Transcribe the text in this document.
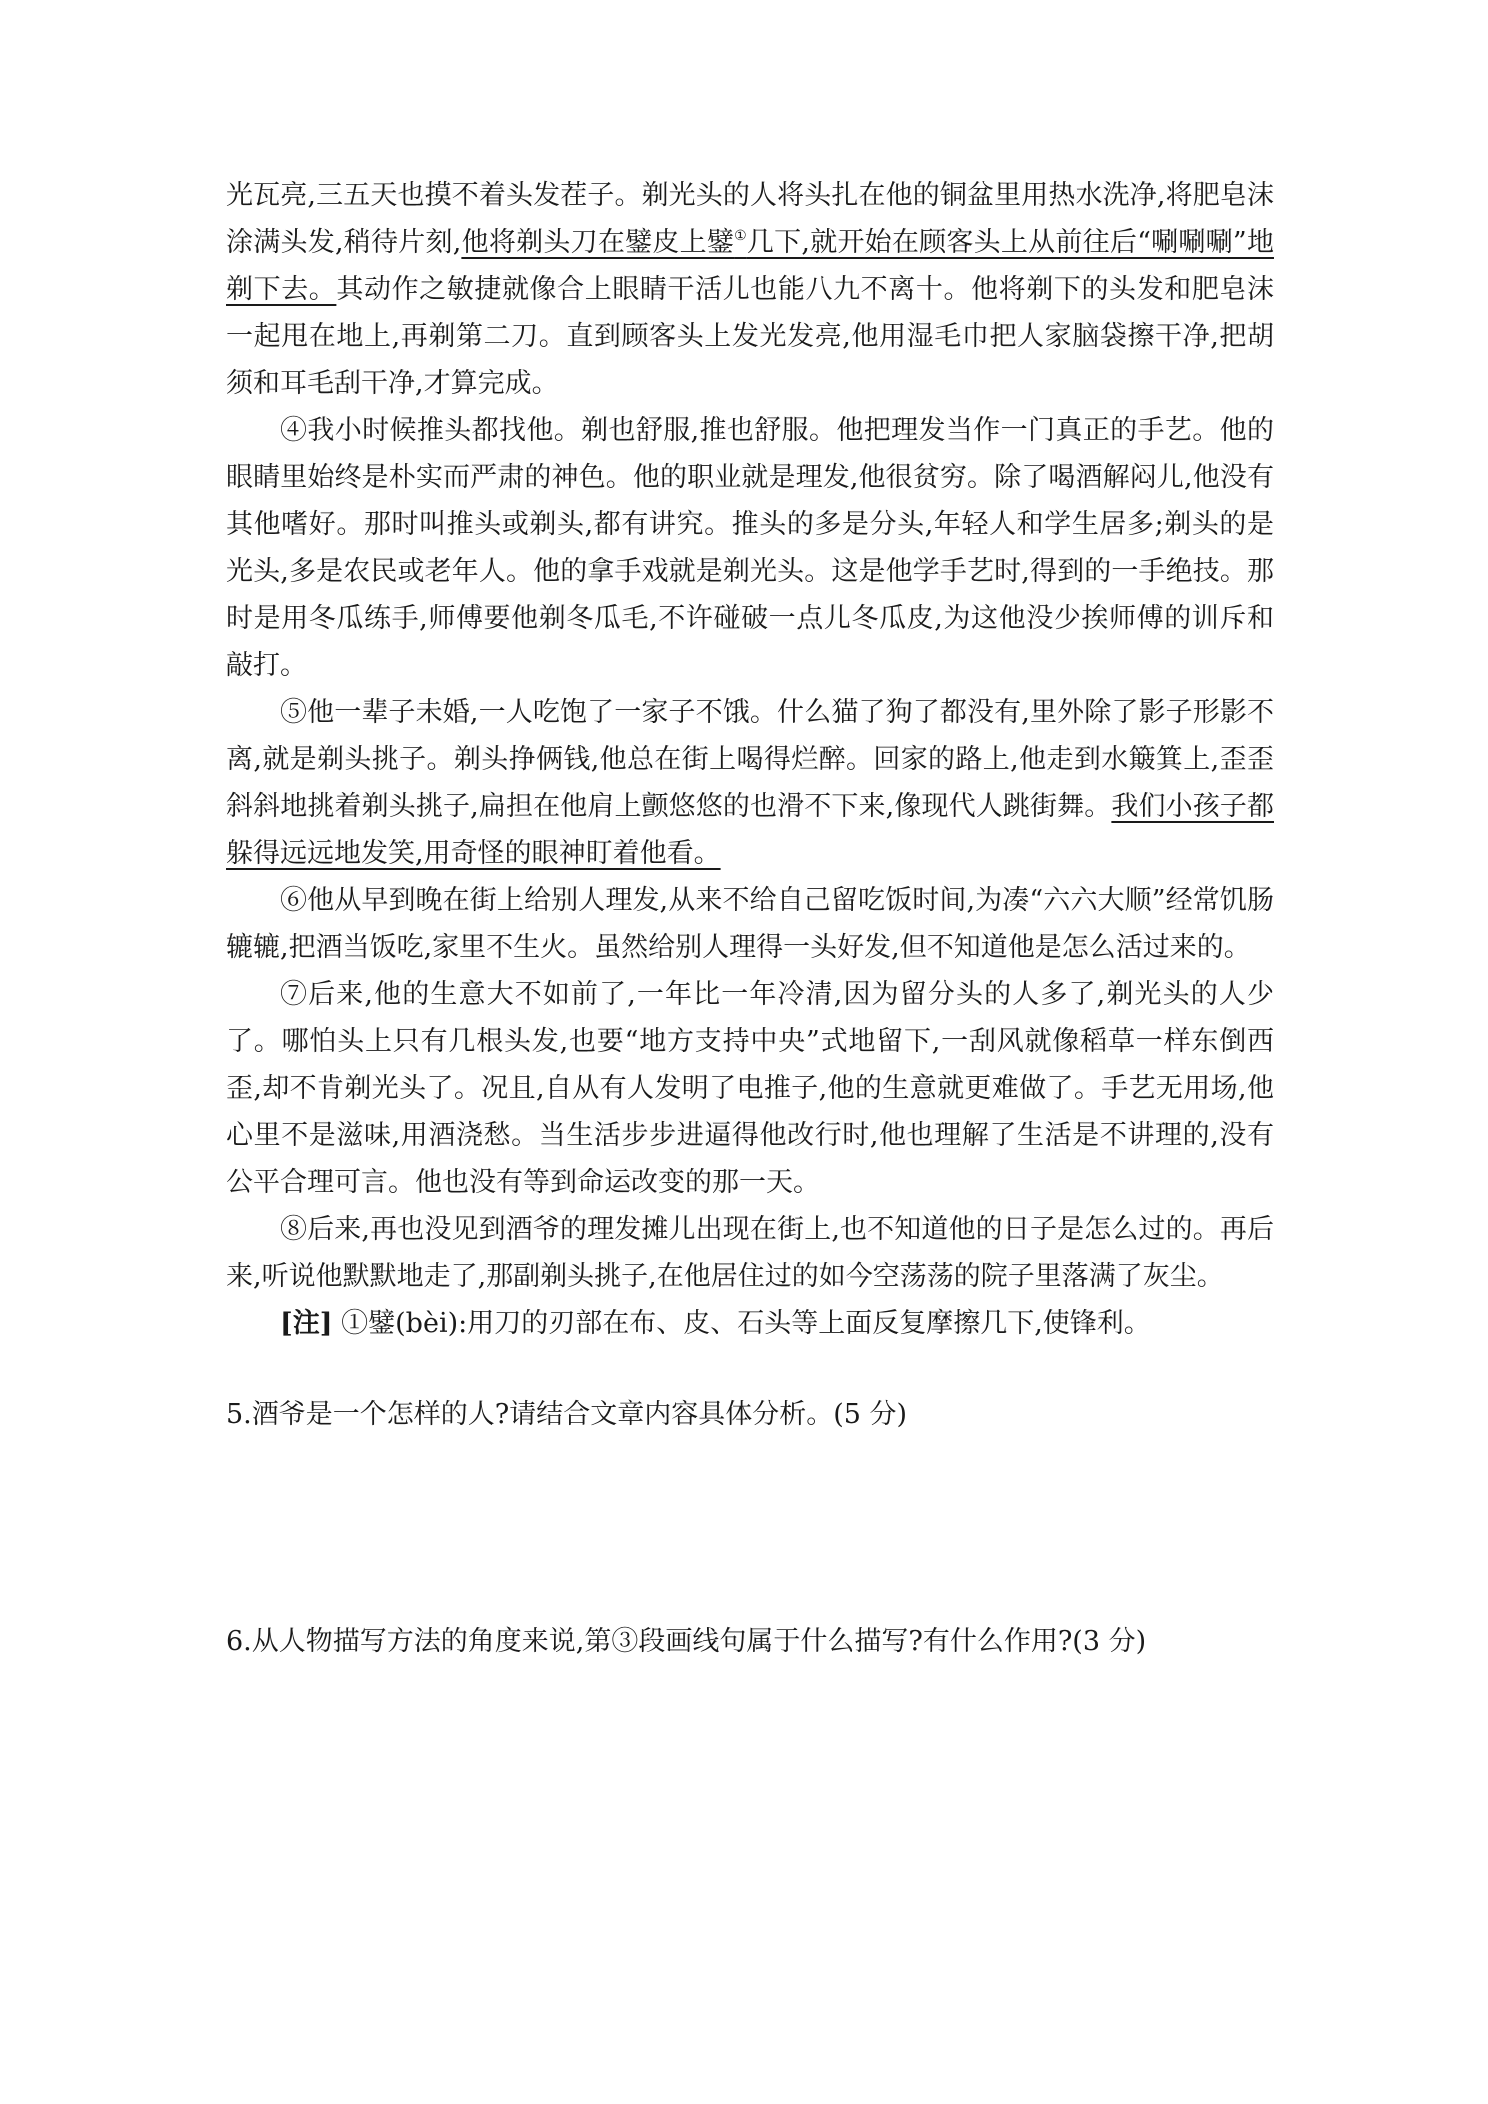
光瓦亮,三五天也摸不着头发茬子。剃光头的人将头扎在他的铜盆里用热水洗净,将肥皂沫涂满头发,稍待片刻,他将剃头刀在鐾皮上鐾①几下,就开始在顾客头上从前往后“唰唰唰”地剃下去。其动作之敏捷就像合上眼睛干活儿也能八九不离十。他将剃下的头发和肥皂沫一起甩在地上,再剃第二刀。直到顾客头上发光发亮,他用湿毛巾把人家脑袋擦干净,把胡须和耳毛刮干净,才算完成。

④我小时候推头都找他。剃也舒服,推也舒服。他把理发当作一门真正的手艺。他的眼睛里始终是朴实而严肃的神色。他的职业就是理发,他很贫穷。除了喝酒解闷儿,他没有其他嗜好。那时叫推头或剃头,都有讲究。推头的多是分头,年轻人和学生居多;剃头的是光头,多是农民或老年人。他的拿手戏就是剃光头。这是他学手艺时,得到的一手绝技。那时是用冬瓜练手,师傅要他剃冬瓜毛,不许碰破一点儿冬瓜皮,为这他没少挨师傅的训斥和敲打。

⑤他一辈子未婚,一人吃饱了一家子不饿。什么猫了狗了都没有,里外除了影子形影不离,就是剃头挑子。剃头挣俩钱,他总在街上喝得烂醉。回家的路上,他走到水簸箕上,歪歪斜斜地挑着剃头挑子,扁担在他肩上颤悠悠的也滑不下来,像现代人跳街舞。我们小孩子都躲得远远地发笑,用奇怪的眼神盯着他看。

⑥他从早到晚在街上给别人理发,从来不给自己留吃饭时间,为凑“六六大顺”经常饥肠辘辘,把酒当饭吃,家里不生火。虽然给别人理得一头好发,但不知道他是怎么活过来的。

⑦后来,他的生意大不如前了,一年比一年冷清,因为留分头的人多了,剃光头的人少了。哪怕头上只有几根头发,也要“地方支持中央”式地留下,一刮风就像稻草一样东倒西歪,却不肯剃光头了。况且,自从有人发明了电推子,他的生意就更难做了。手艺无用场,他心里不是滋味,用酒浇愁。当生活步步进逼得他改行时,他也理解了生活是不讲理的,没有公平合理可言。他也没有等到命运改变的那一天。

⑧后来,再也没见到酒爷的理发摊儿出现在街上,也不知道他的日子是怎么过的。再后来,听说他默默地走了,那副剃头挑子,在他居住过的如今空荡荡的院子里落满了灰尘。

[注] ①鐾(bèi):用刀的刃部在布、皮、石头等上面反复摩擦几下,使锋利。

5.酒爷是一个怎样的人?请结合文章内容具体分析。(5 分)

6.从人物描写方法的角度来说,第③段画线句属于什么描写?有什么作用?(3 分)
